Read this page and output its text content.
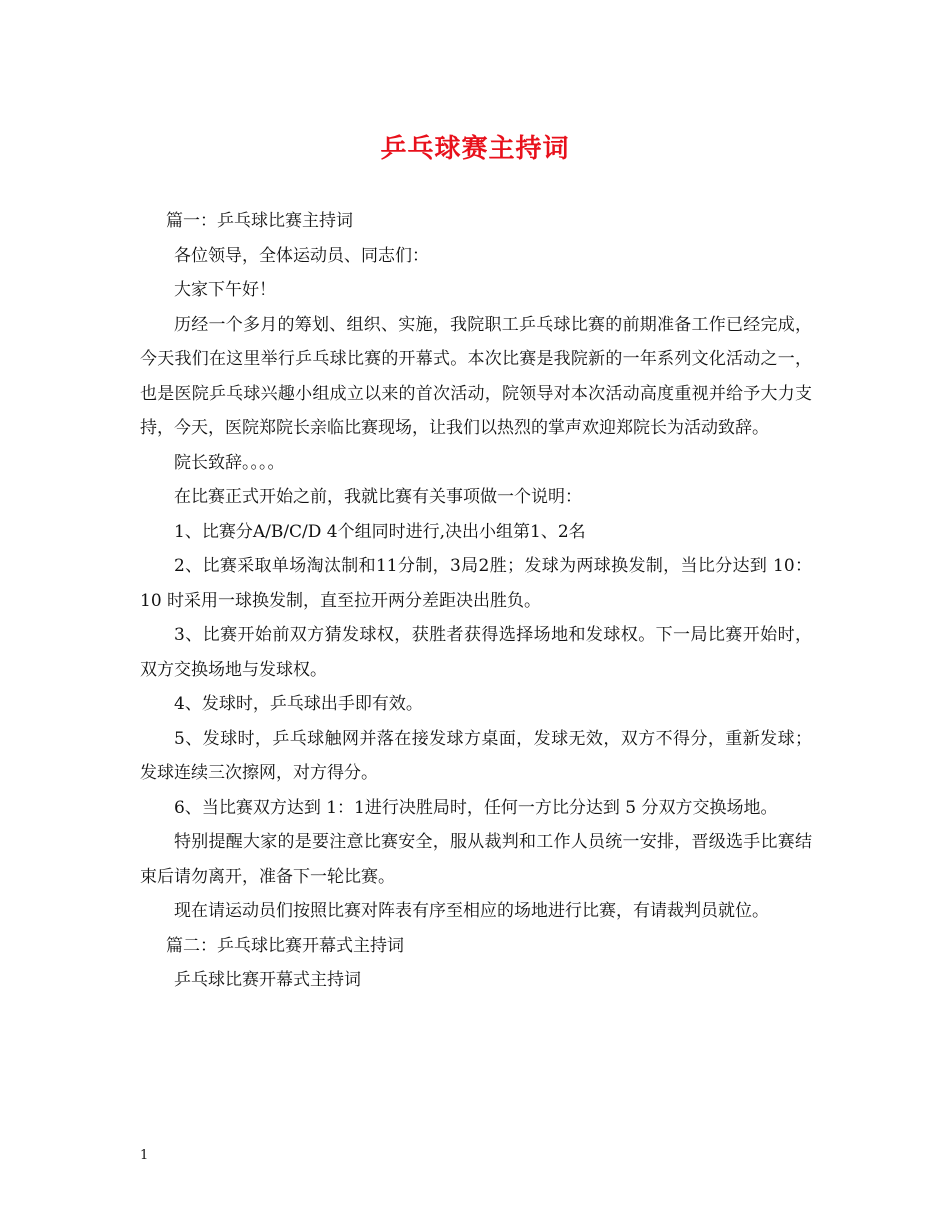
乒乓球赛主持词

篇一：乒乓球比赛主持词

各位领导，全体运动员、同志们：

大家下午好！

历经一个多月的筹划、组织、实施，我院职工乒乓球比赛的前期准备工作已经完成，今天我们在这里举行乒乓球比赛的开幕式。本次比赛是我院新的一年系列文化活动之一，也是医院乒乓球兴趣小组成立以来的首次活动，院领导对本次活动高度重视并给予大力支持，今天，医院郑院长亲临比赛现场，让我们以热烈的掌声欢迎郑院长为活动致辞。

院长致辞。。。。

在比赛正式开始之前，我就比赛有关事项做一个说明：

1、比赛分A/B/C/D 4个组同时进行,决出小组第1、2名

2、比赛采取单场淘汰制和11分制，3局2胜；发球为两球换发制，当比分达到 10：10 时采用一球换发制，直至拉开两分差距决出胜负。

3、比赛开始前双方猜发球权，获胜者获得选择场地和发球权。下一局比赛开始时，双方交换场地与发球权。

4、发球时，乒乓球出手即有效。

5、发球时，乒乓球触网并落在接发球方桌面，发球无效，双方不得分，重新发球；发球连续三次擦网，对方得分。

6、当比赛双方达到 1：1进行决胜局时，任何一方比分达到 5 分双方交换场地。

特别提醒大家的是要注意比赛安全，服从裁判和工作人员统一安排，晋级选手比赛结束后请勿离开，准备下一轮比赛。

现在请运动员们按照比赛对阵表有序至相应的场地进行比赛，有请裁判员就位。

篇二：乒乓球比赛开幕式主持词

乒乓球比赛开幕式主持词

1
